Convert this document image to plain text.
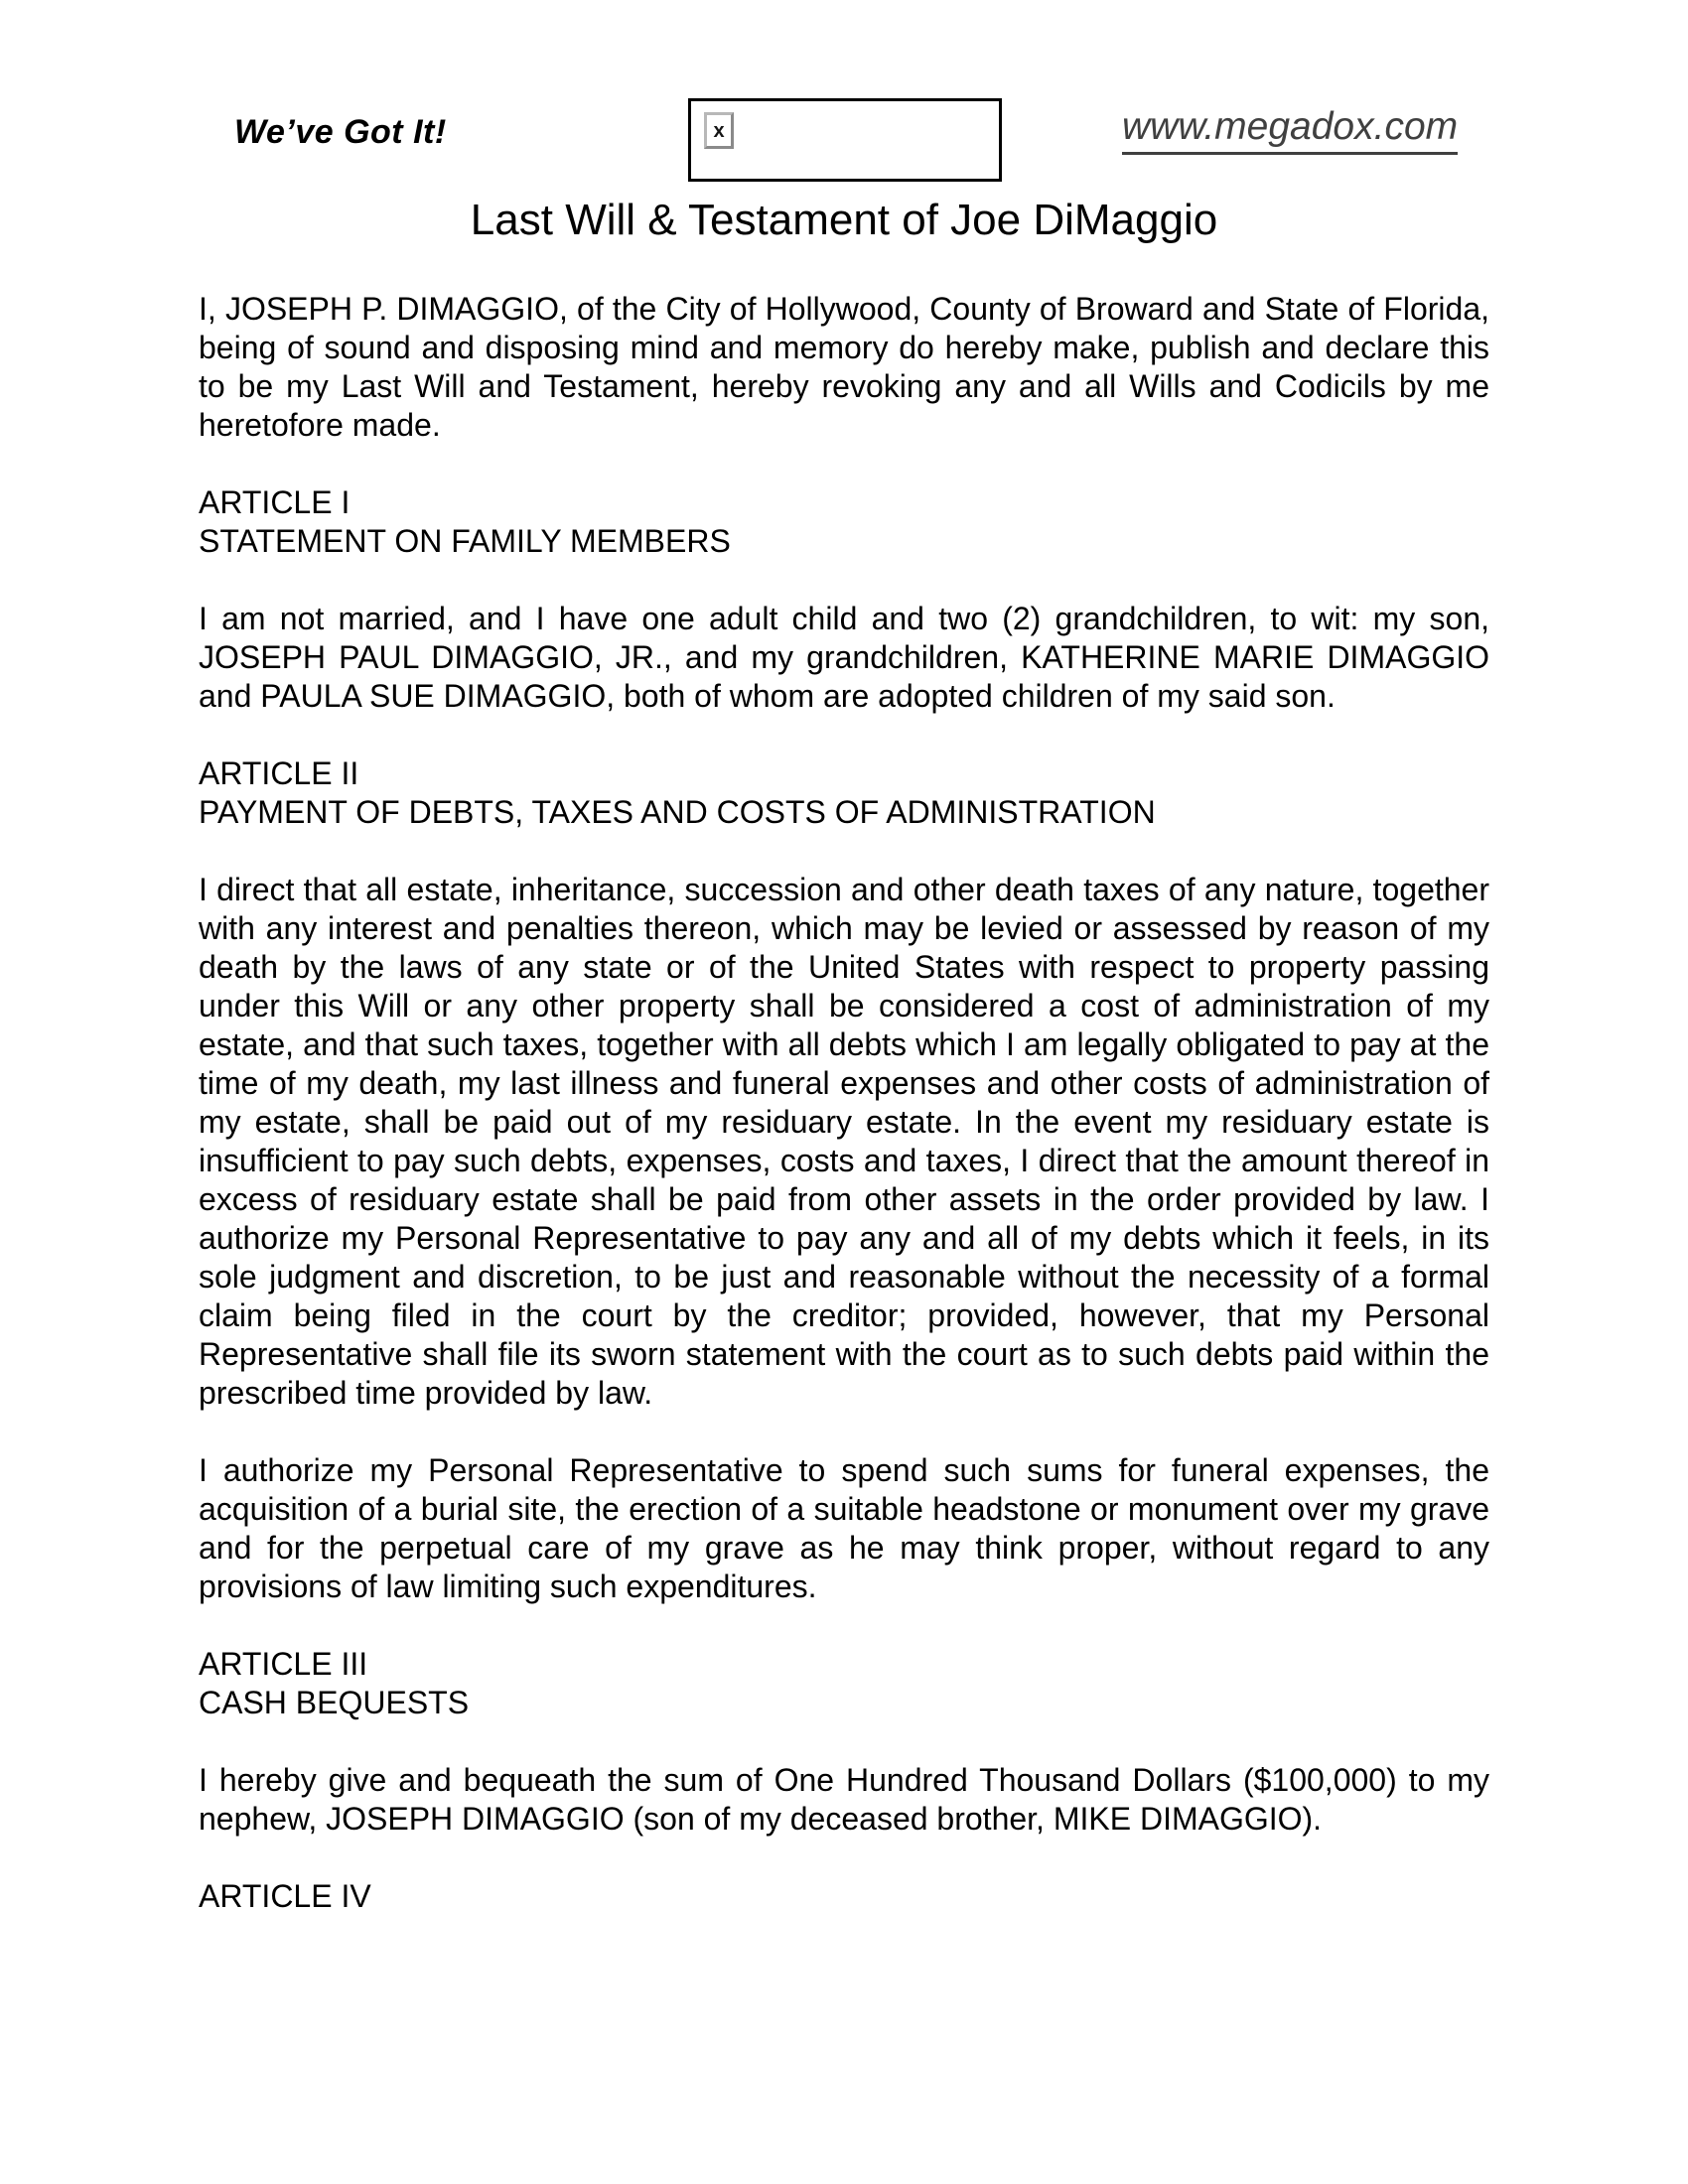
We’ve Got It!	x	www.megadox.com
Last Will & Testament of Joe DiMaggio

I, JOSEPH P. DIMAGGIO, of the City of Hollywood, County of Broward and State of Florida, being of sound and disposing mind and memory do hereby make, publish and declare this to be my Last Will and Testament, hereby revoking any and all Wills and Codicils by me heretofore made.

ARTICLE I
STATEMENT ON FAMILY MEMBERS

I am not married, and I have one adult child and two (2) grandchildren, to wit: my son, JOSEPH PAUL DIMAGGIO, JR., and my grandchildren, KATHERINE MARIE DIMAGGIO and PAULA SUE DIMAGGIO, both of whom are adopted children of my said son.

ARTICLE II
PAYMENT OF DEBTS, TAXES AND COSTS OF ADMINISTRATION

I direct that all estate, inheritance, succession and other death taxes of any nature, together with any interest and penalties thereon, which may be levied or assessed by reason of my death by the laws of any state or of the United States with respect to property passing under this Will or any other property shall be considered a cost of administration of my estate, and that such taxes, together with all debts which I am legally obligated to pay at the time of my death, my last illness and funeral expenses and other costs of administration of my estate, shall be paid out of my residuary estate. In the event my residuary estate is insufficient to pay such debts, expenses, costs and taxes, I direct that the amount thereof in excess of residuary estate shall be paid from other assets in the order provided by law. I authorize my Personal Representative to pay any and all of my debts which it feels, in its sole judgment and discretion, to be just and reasonable without the necessity of a formal claim being filed in the court by the creditor; provided, however, that my Personal Representative shall file its sworn statement with the court as to such debts paid within the prescribed time provided by law.

I authorize my Personal Representative to spend such sums for funeral expenses, the acquisition of a burial site, the erection of a suitable headstone or monument over my grave and for the perpetual care of my grave as he may think proper, without regard to any provisions of law limiting such expenditures.

ARTICLE III
CASH BEQUESTS

I hereby give and bequeath the sum of One Hundred Thousand Dollars ($100,000) to my nephew, JOSEPH DIMAGGIO (son of my deceased brother, MIKE DIMAGGIO).

ARTICLE IV
